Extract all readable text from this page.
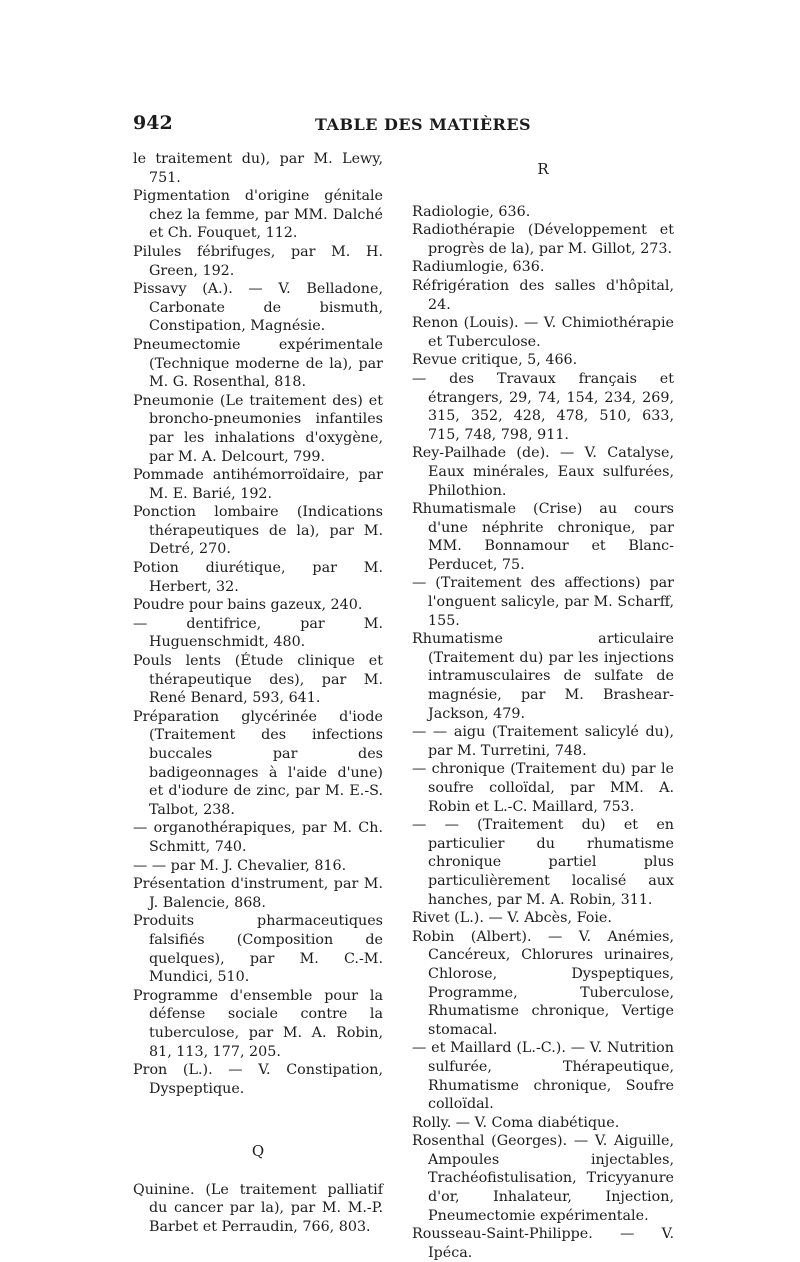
942	TABLE DES MATIÈRES

le traitement du), par M. Lewy, 751.

Pigmentation d'origine génitale chez la femme, par MM. Dalché et Ch. Fouquet, 112.

Pilules fébrifuges, par M. H. Green, 192.

Pissavy (A.). — V. Belladone, Carbonate de bismuth, Constipation, Magnésie.

Pneumectomie expérimentale (Technique moderne de la), par M. G. Rosenthal, 818.

Pneumonie (Le traitement des) et broncho-pneumonies infantiles par les inhalations d'oxygène, par M. A. Delcourt, 799.

Pommade antihémorroïdaire, par M. E. Barié, 192.

Ponction lombaire (Indications thérapeutiques de la), par M. Detré, 270.

Potion diurétique, par M. Herbert, 32.

Poudre pour bains gazeux, 240.

— dentifrice, par M. Huguenschmidt, 480.

Pouls lents (Étude clinique et thérapeutique des), par M. René Benard, 593, 641.

Préparation glycérinée d'iode (Traitement des infections buccales par des badigeonnages à l'aide d'une) et d'iodure de zinc, par M. E.-S. Talbot, 238.

— organothérapiques, par M. Ch. Schmitt, 740.

— — par M. J. Chevalier, 816.

Présentation d'instrument, par M. J. Balencie, 868.

Produits pharmaceutiques falsifiés (Composition de quelques), par M. C.-M. Mundici, 510.

Programme d'ensemble pour la défense sociale contre la tuberculose, par M. A. Robin, 81, 113, 177, 205.

Pron (L.). — V. Constipation, Dyspeptique.

Q

Quinine. (Le traitement palliatif du cancer par la), par M. M.-P. Barbet et Perraudin, 766, 803.

R

Radiologie, 636.

Radiothérapie (Développement et progrès de la), par M. Gillot, 273.

Radiumlogie, 636.

Réfrigération des salles d'hôpital, 24.

Renon (Louis). — V. Chimiothérapie et Tuberculose.

Revue critique, 5, 466.

— des Travaux français et étrangers, 29, 74, 154, 234, 269, 315, 352, 428, 478, 510, 633, 715, 748, 798, 911.

Rey-Pailhade (de). — V. Catalyse, Eaux minérales, Eaux sulfurées, Philothion.

Rhumatismale (Crise) au cours d'une néphrite chronique, par MM. Bonnamour et Blanc-Perducet, 75.

— (Traitement des affections) par l'onguent salicyle, par M. Scharff, 155.

Rhumatisme articulaire (Traitement du) par les injections intramusculaires de sulfate de magnésie, par M. Brashear-Jackson, 479.

— — aigu (Traitement salicylé du), par M. Turretini, 748.

— chronique (Traitement du) par le soufre colloïdal, par MM. A. Robin et L.-C. Maillard, 753.

— — (Traitement du) et en particulier du rhumatisme chronique partiel plus particulièrement localisé aux hanches, par M. A. Robin, 311.

Rivet (L.). — V. Abcès, Foie.

Robin (Albert). — V. Anémies, Cancéreux, Chlorures urinaires, Chlorose, Dyspeptiques, Programme, Tuberculose, Rhumatisme chronique, Vertige stomacal.

— et Maillard (L.-C.). — V. Nutrition sulfurée, Thérapeutique, Rhumatisme chronique, Soufre colloïdal.

Rolly. — V. Coma diabétique.

Rosenthal (Georges). — V. Aiguille, Ampoules injectables, Trachéofistulisation, Tricyyanure d'or, Inhalateur, Injection, Pneumectomie expérimentale.

Rousseau-Saint-Philippe. — V. Ipéca.
